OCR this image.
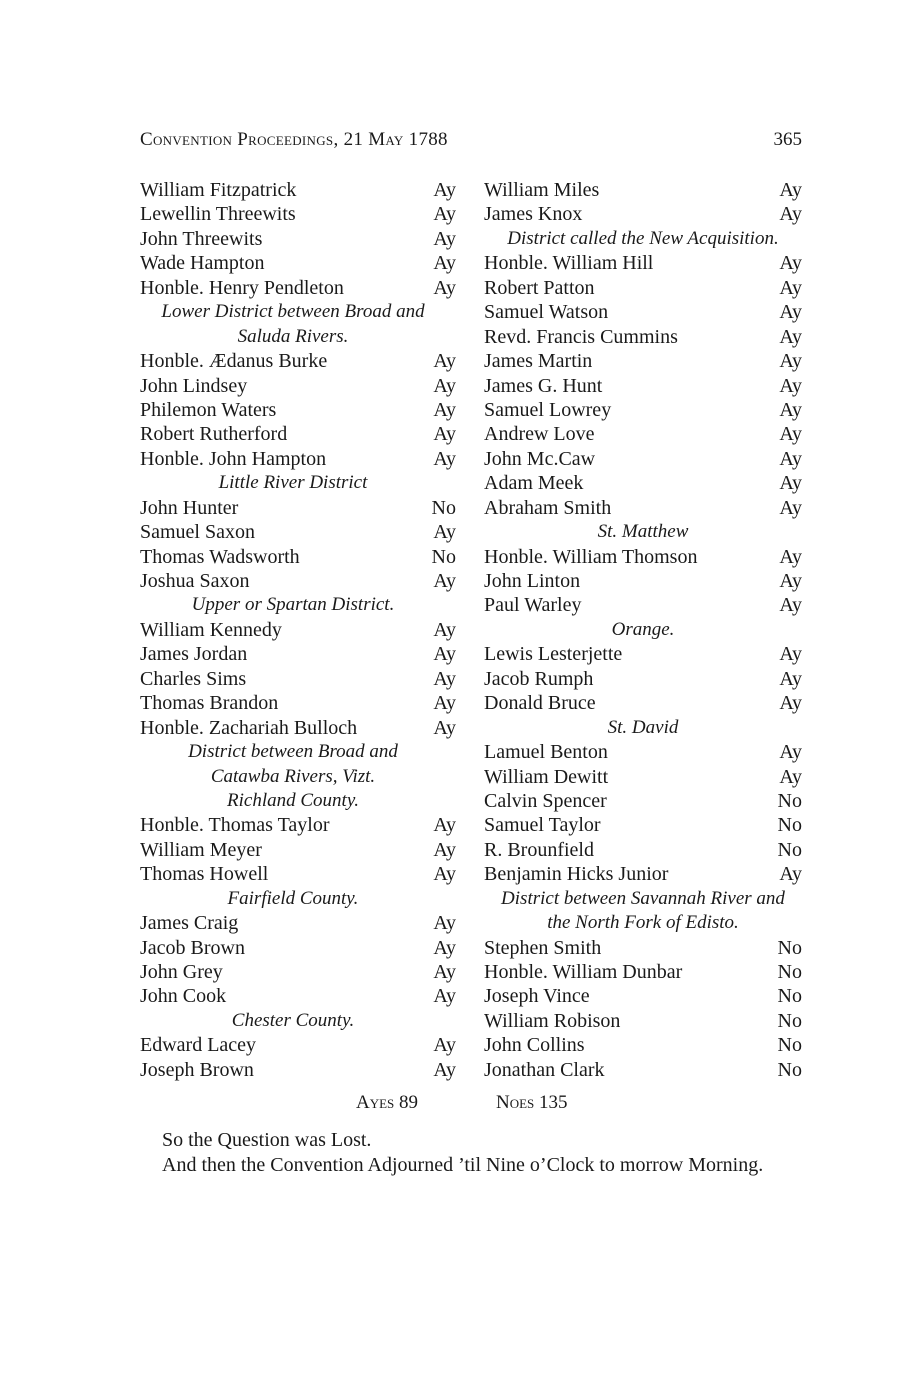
Convention Proceedings, 21 May 1788	365
William Fitzpatrick	Ay
Lewellin Threewits	Ay
John Threewits	Ay
Wade Hampton	Ay
Honble. Henry Pendleton	Ay
Lower District between Broad and
Saluda Rivers.
Honble. Ædanus Burke	Ay
John Lindsey	Ay
Philemon Waters	Ay
Robert Rutherford	Ay
Honble. John Hampton	Ay
Little River District
John Hunter	No
Samuel Saxon	Ay
Thomas Wadsworth	No
Joshua Saxon	Ay
Upper or Spartan District.
William Kennedy	Ay
James Jordan	Ay
Charles Sims	Ay
Thomas Brandon	Ay
Honble. Zachariah Bulloch	Ay
District between Broad and
Catawba Rivers, Vizt.
Richland County.
Honble. Thomas Taylor	Ay
William Meyer	Ay
Thomas Howell	Ay
Fairfield County.
James Craig	Ay
Jacob Brown	Ay
John Grey	Ay
John Cook	Ay
Chester County.
Edward Lacey	Ay
Joseph Brown	Ay
William Miles	Ay
James Knox	Ay
District called the New Acquisition.
Honble. William Hill	Ay
Robert Patton	Ay
Samuel Watson	Ay
Revd. Francis Cummins	Ay
James Martin	Ay
James G. Hunt	Ay
Samuel Lowrey	Ay
Andrew Love	Ay
John Mc.Caw	Ay
Adam Meek	Ay
Abraham Smith	Ay
St. Matthew
Honble. William Thomson	Ay
John Linton	Ay
Paul Warley	Ay
Orange.
Lewis Lesterjette	Ay
Jacob Rumph	Ay
Donald Bruce	Ay
St. David
Lamuel Benton	Ay
William Dewitt	Ay
Calvin Spencer	No
Samuel Taylor	No
R. Brounfield	No
Benjamin Hicks Junior	Ay
District between Savannah River and
the North Fork of Edisto.
Stephen Smith	No
Honble. William Dunbar	No
Joseph Vince	No
William Robison	No
John Collins	No
Jonathan Clark	No
Ayes 89	Noes 135

So the Question was Lost.

And then the Convention Adjourned ’til Nine o’Clock to morrow Morning.
